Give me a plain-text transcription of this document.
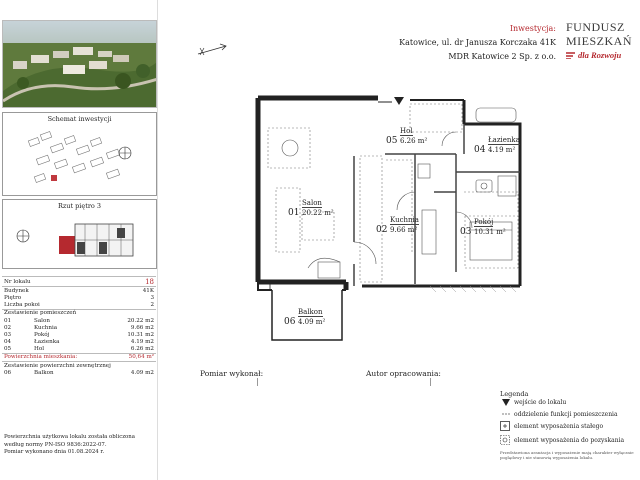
Schemat inwestycji
Rzut piętro 3
Nr lokalu	18
Budynek	41K
Piętro	3
Liczba pokoi	2
Zestawienie pomieszczeń	
01	Salon	20.22 m2
02	Kuchnia	9.66 m2
03	Pokój	10.31 m2
04	Łazienka	4.19 m2
05	Hol	6.26 m2
Powierzchnia mieszkania:	50,64 m²
Zestawienie powierzchni zewnętrznej
06	Balkon	4.09 m2
Powierzchnia użytkowa lokalu została obliczona
według normy PN-ISO 9836:2022-07.
Pomiar wykonano dnia 01.08.2024 r.
Inwestycja:
Katowice, ul. dr Janusza Korczaka 41K
MDR Katowice 2 Sp. z o.o.
FUNDUSZ
MIESZKAŃ
dla Rozwoju
01
Salon
20.22 m²
02
Kuchnia
9.66 m²	03
Pokój
10.31 m²
04
Łazienka
4.19 m²
05
Hol
6.26 m²
06
Balkon
4.09 m²
Pomiar wykonał:	Autor opracowania:
Legenda
wejście do lokalu
oddzielenie funkcji pomieszczenia
element wyposażenia stałego
element wyposażenia do pozyskania
Przedstawiona aranżacja i wyposażenie mają charakter wyłącznie
poglądowy i nie stanowią wyposażenia lokalu.
